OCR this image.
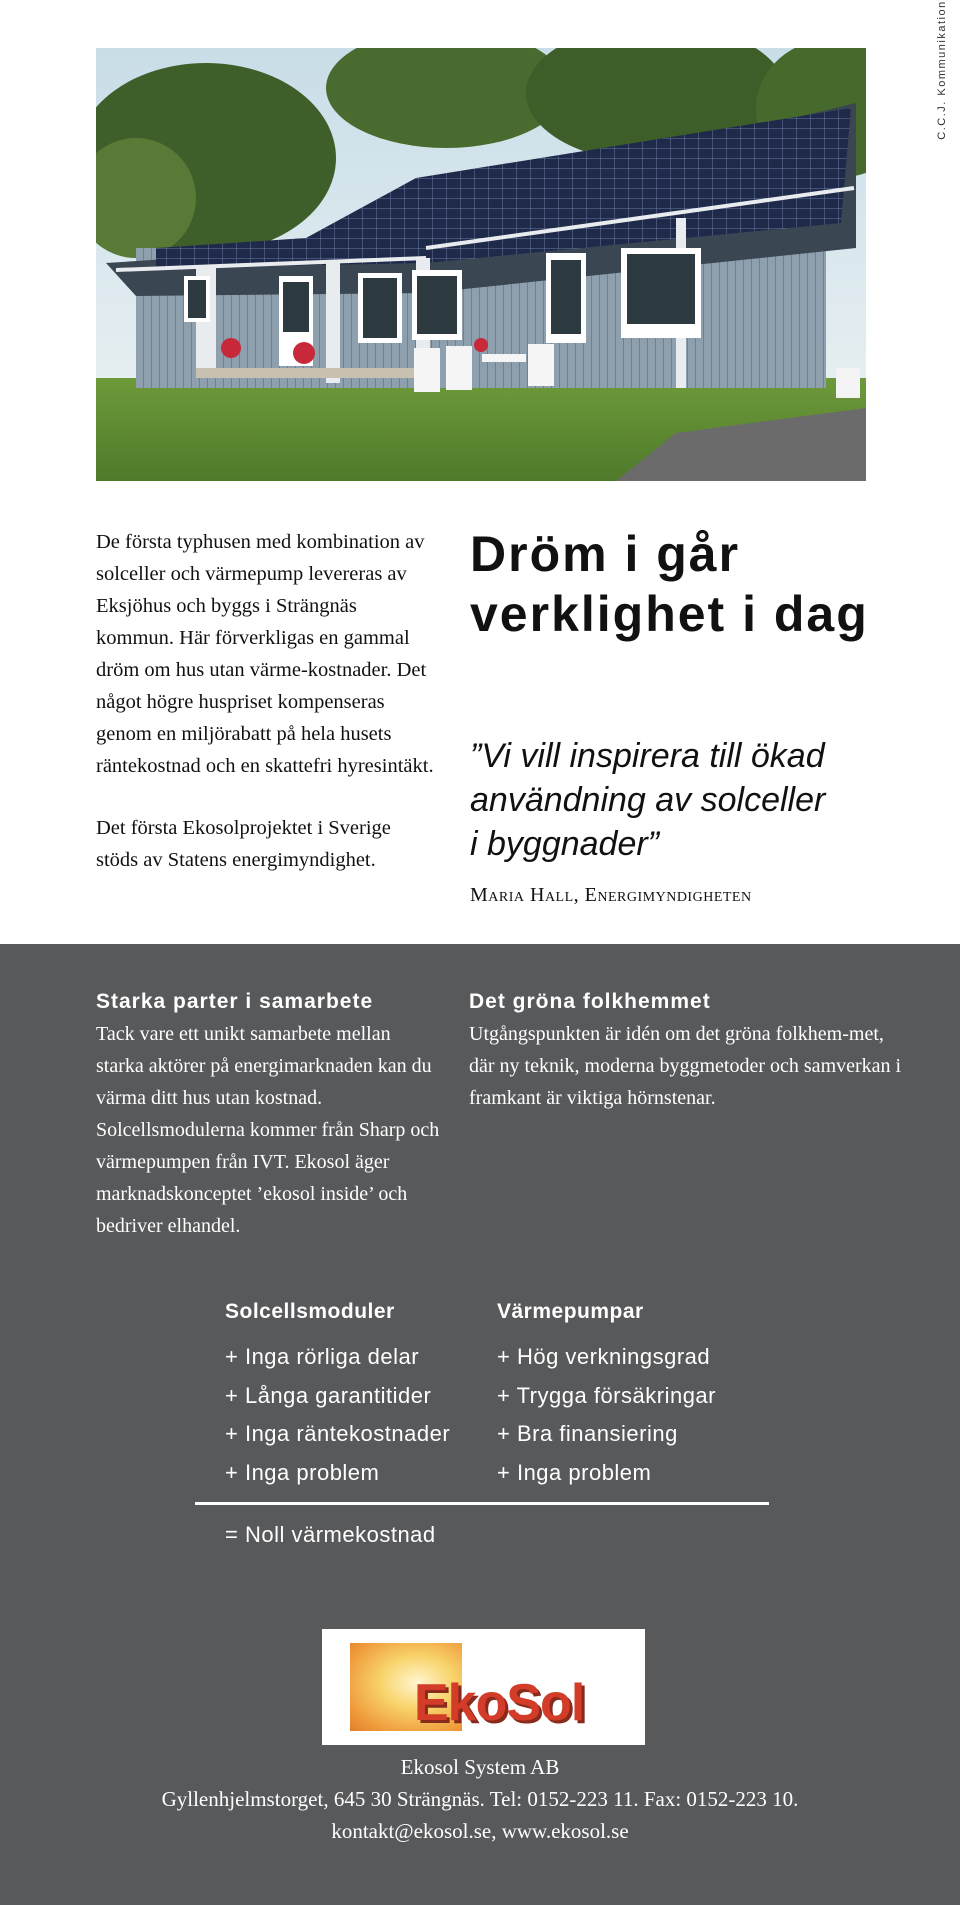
C.C.J. Kommunikation

De första typhusen med kombination av solceller och värmepump levereras av Eksjöhus och byggs i Strängnäs kommun. Här förverkligas en gammal dröm om hus utan värme-kostnader. Det något högre huspriset kompenseras genom en miljörabatt på hela husets räntekostnad och en skattefri hyresintäkt.

Det första Ekosolprojektet i Sverige stöds av Statens energimyndighet.

Dröm i går
verklighet i dag
”Vi vill inspirera till ökad
användning av solceller
i byggnader”
Maria Hall, Energimyndigheten
Starka parter i samarbete

Tack vare ett unikt samarbete mellan starka aktörer på energimarknaden kan du värma ditt hus utan kostnad. Solcellsmodulerna kommer från Sharp och värmepumpen från IVT. Ekosol äger marknadskonceptet ’ekosol inside’ och bedriver elhandel.

Det gröna folkhemmet

Utgångspunkten är idén om det gröna folkhem-met, där ny teknik, moderna byggmetoder och samverkan i framkant är viktiga hörnstenar.

Solcellsmoduler
+ Inga rörliga delar
+ Långa garantitider
+ Inga räntekostnader
+ Inga problem
Värmepumpar
+ Hög verkningsgrad
+ Trygga försäkringar
+ Bra finansiering
+ Inga problem
= Noll värmekostnad
EkoSol
Ekosol System AB
Gyllenhjelmstorget, 645 30 Strängnäs. Tel: 0152-223 11. Fax: 0152-223 10.
kontakt@ekosol.se, www.ekosol.se
